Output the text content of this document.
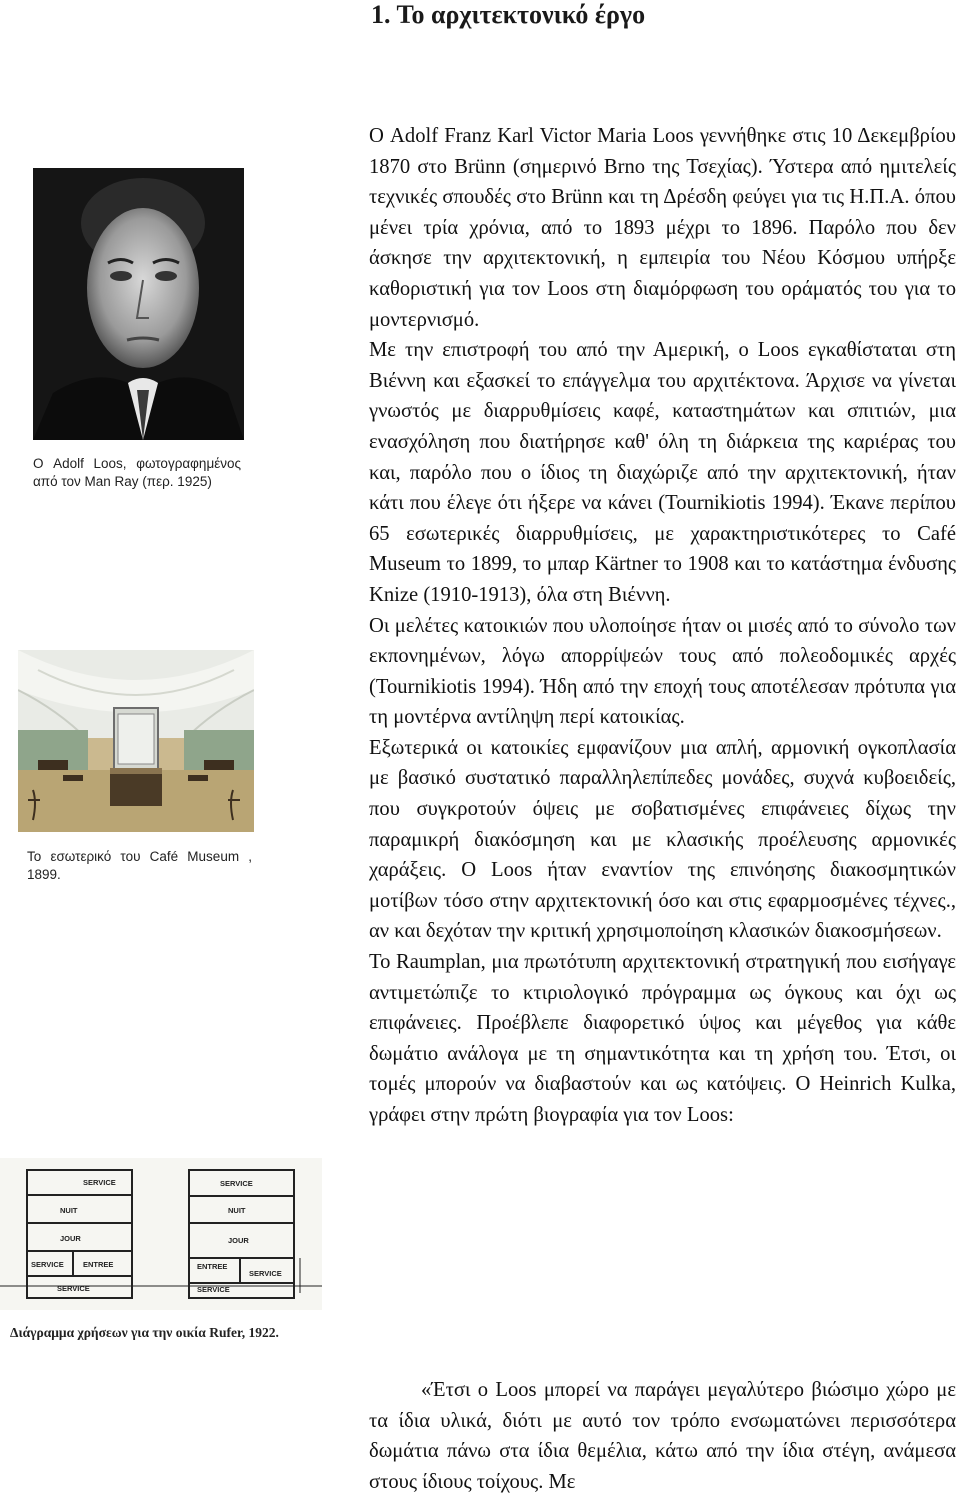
1. Το αρχιτεκτονικό έργο

Ο Adolf Loos, φωτογραφημένος από τον Man Ray (περ. 1925)

Το εσωτερικό του Café Museum , 1899.

SERVICE
NUIT
JOUR
SERVICE	ENTREE
SERVICE
SERVICE
NUIT
JOUR
ENTREE
SERVICE
SERVICE

Διάγραμμα χρήσεων για την οικία Rufer, 1922.

Ο Adolf Franz Karl Victor Maria Loos γεννήθηκε στις 10 Δεκεμβρίου 1870 στο Brünn (σημερινό Brno της Τσεχίας). Ύστερα από ημιτελείς τεχνικές σπουδές στο Brünn και τη Δρέσδη φεύγει για τις Η.Π.Α. όπου μένει τρία χρόνια, από το 1893 μέχρι το 1896. Παρόλο που δεν άσκησε την αρχιτεκτονική, η εμπειρία του Νέου Κόσμου υπήρξε καθοριστική για τον Loos στη διαμόρφωση του οράματός του για το μοντερνισμό.

Με την επιστροφή του από την Αμερική, ο Loos εγκαθίσταται στη Βιέννη και εξασκεί το επάγγελμα του αρχιτέκτονα. Άρχισε να γίνεται γνωστός με διαρρυθμίσεις καφέ, καταστημάτων και σπιτιών, μια ενασχόληση που διατήρησε καθ' όλη τη διάρκεια της καριέρας του και, παρόλο που ο ίδιος τη διαχώριζε από την αρχιτεκτονική, ήταν κάτι που έλεγε ότι ήξερε να κάνει (Tournikiotis 1994). Έκανε περίπου 65 εσωτερικές διαρρυθμίσεις, με χαρακτηριστικότερες το Café Museum το 1899, το μπαρ Kärtner το 1908 και το κατάστημα ένδυσης Knize (1910-1913), όλα στη Βιέννη.

Οι μελέτες κατοικιών που υλοποίησε ήταν οι μισές από το σύνολο των εκπονημένων, λόγω απορρίψεών τους από πολεοδομικές αρχές (Tournikiotis 1994). Ήδη από την εποχή τους αποτέλεσαν πρότυπα για τη μοντέρνα αντίληψη περί κατοικίας.

Εξωτερικά οι κατοικίες εμφανίζουν μια απλή, αρμονική ογκοπλασία με βασικό συστατικό παραλληλεπίπεδες μονάδες, συχνά κυβοειδείς, που συγκροτούν όψεις με σοβατισμένες επιφάνειες δίχως την παραμικρή διακόσμηση και με κλασικής προέλευσης αρμονικές χαράξεις. Ο Loos ήταν εναντίον της επινόησης διακοσμητικών μοτίβων τόσο στην αρχιτεκτονική όσο και στις εφαρμοσμένες τέχνες., αν και δεχόταν την κριτική χρησιμοποίηση κλασικών διακοσμήσεων.

Το Raumplan, μια πρωτότυπη αρχιτεκτονική στρατηγική που εισήγαγε αντιμετώπιζε το κτιριολογικό πρόγραμμα ως όγκους και όχι ως επιφάνειες. Προέβλεπε διαφορετικό ύψος και μέγεθος για κάθε δωμάτιο ανάλογα με τη σημαντικότητα και τη χρήση του. Έτσι, οι τομές μπορούν να διαβαστούν και ως κατόψεις. Ο Heinrich Kulka, γράφει στην πρώτη βιογραφία για τον Loos:

«Έτσι ο Loos μπορεί να παράγει μεγαλύτερο βιώσιμο χώρο με τα ίδια υλικά, διότι με αυτό τον τρόπο ενσωματώνει περισσότερα δωμάτια πάνω στα ίδια θεμέλια, κάτω από την ίδια στέγη, ανάμεσα στους ίδιους τοίχους. Με
